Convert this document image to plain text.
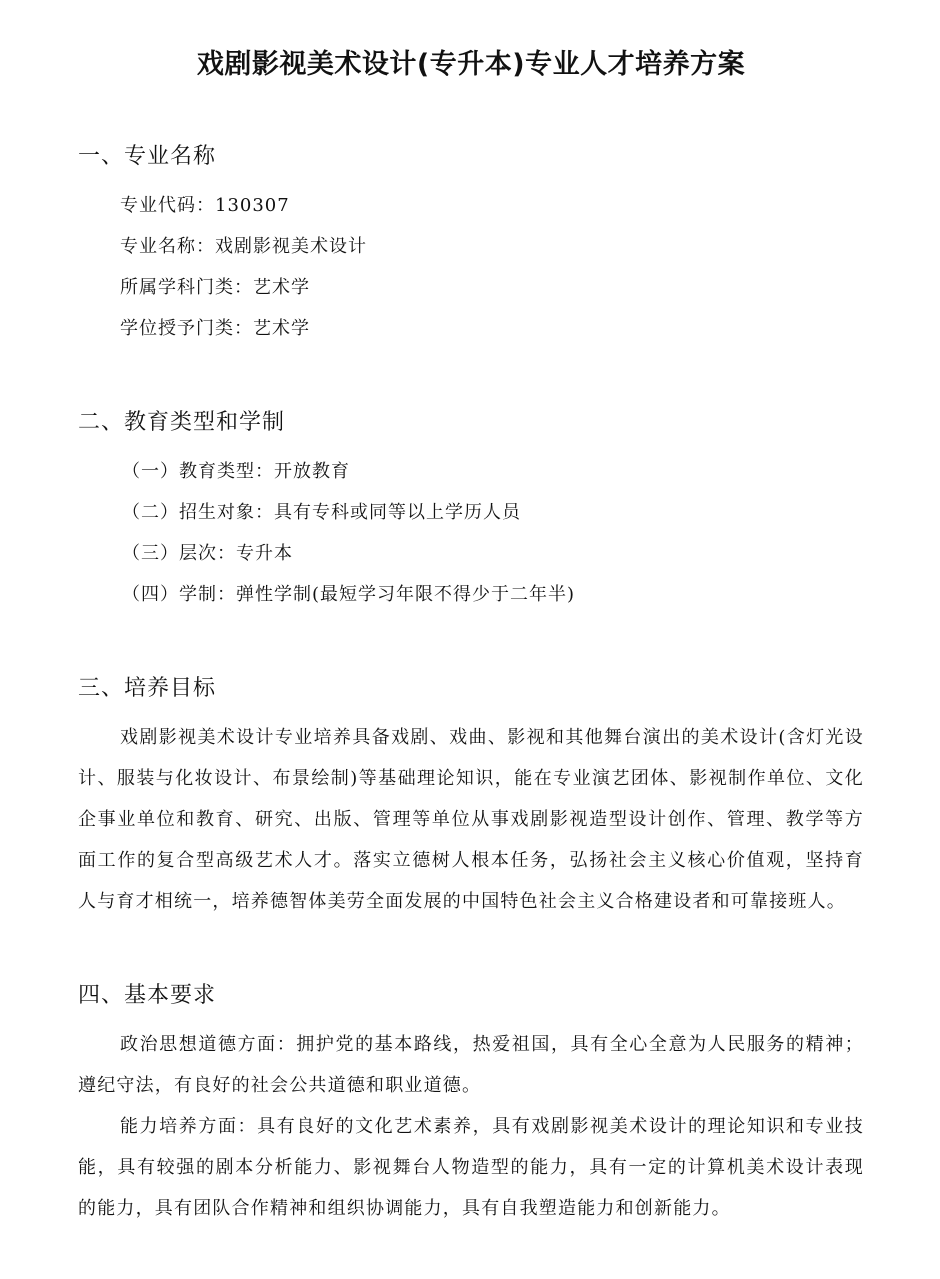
戏剧影视美术设计(专升本)专业人才培养方案
一、专业名称
专业代码：130307
专业名称：戏剧影视美术设计
所属学科门类：艺术学
学位授予门类：艺术学
二、教育类型和学制
（一）教育类型：开放教育
（二）招生对象：具有专科或同等以上学历人员
（三）层次：专升本
（四）学制：弹性学制(最短学习年限不得少于二年半)
三、培养目标

戏剧影视美术设计专业培养具备戏剧、戏曲、影视和其他舞台演出的美术设计(含灯光设计、服装与化妆设计、布景绘制)等基础理论知识，能在专业演艺团体、影视制作单位、文化企事业单位和教育、研究、出版、管理等单位从事戏剧影视造型设计创作、管理、教学等方面工作的复合型高级艺术人才。落实立德树人根本任务，弘扬社会主义核心价值观，坚持育人与育才相统一，培养德智体美劳全面发展的中国特色社会主义合格建设者和可靠接班人。

四、基本要求

政治思想道德方面：拥护党的基本路线，热爱祖国，具有全心全意为人民服务的精神；遵纪守法，有良好的社会公共道德和职业道德。

能力培养方面：具有良好的文化艺术素养，具有戏剧影视美术设计的理论知识和专业技能，具有较强的剧本分析能力、影视舞台人物造型的能力，具有一定的计算机美术设计表现的能力，具有团队合作精神和组织协调能力，具有自我塑造能力和创新能力。
